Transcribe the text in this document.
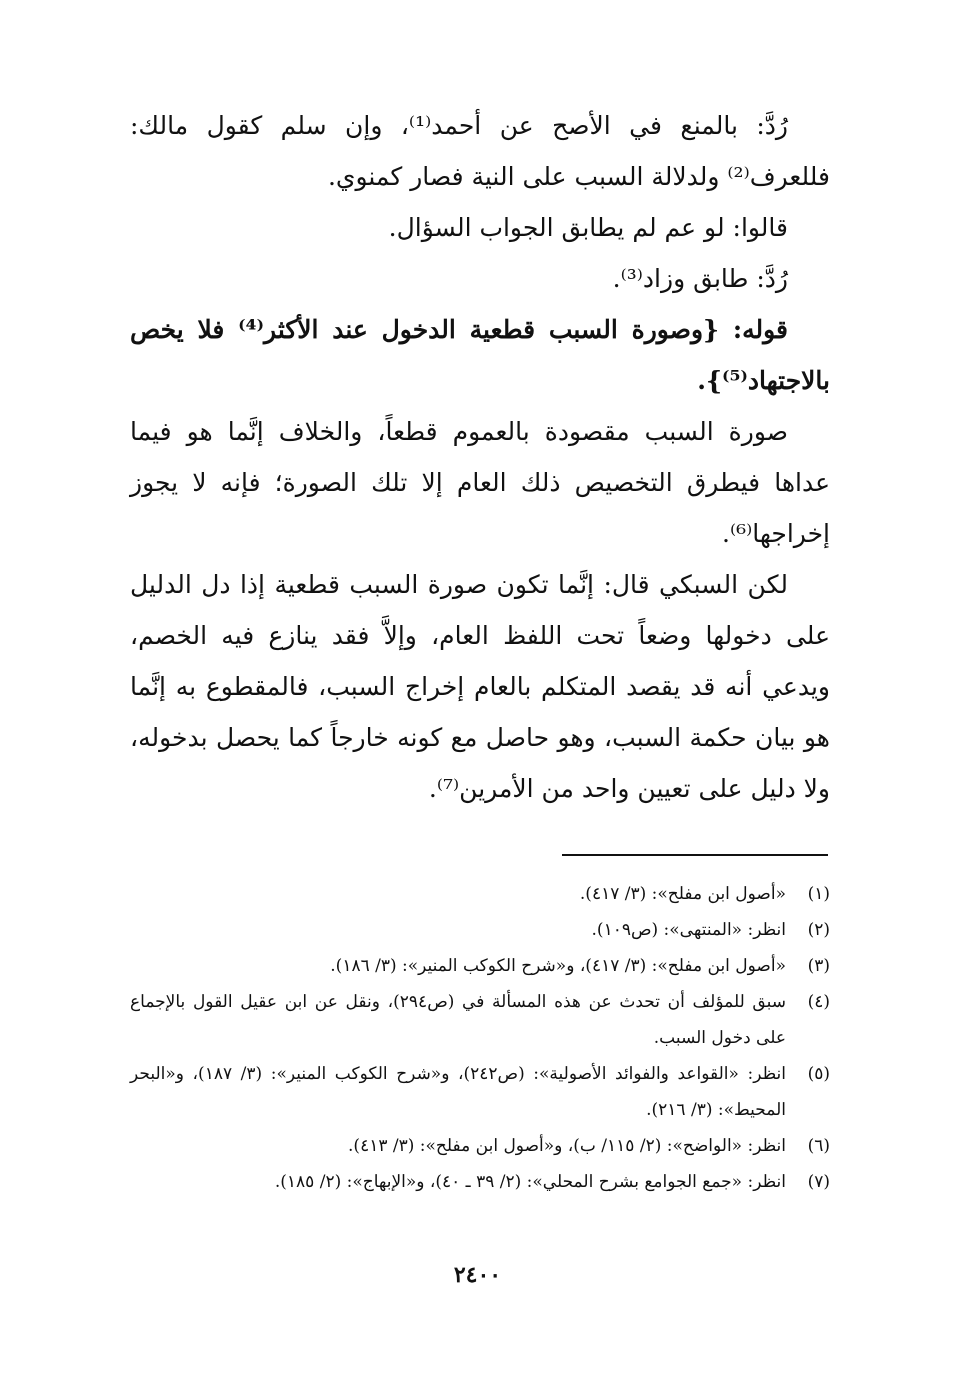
رُدَّ: بالمنع في الأصح عن أحمد⁽¹⁾، وإن سلم كقول مالك: فللعرف⁽²⁾ ولدلالة السبب على النية فصار كمنوي.

قالوا: لو عم لم يطابق الجواب السؤال.

رُدَّ: طابق وزاد⁽³⁾.

قوله: {وصورة السبب قطعية الدخول عند الأكثر⁽⁴⁾ فلا يخص بالاجتهاد⁽⁵⁾}.

صورة السبب مقصودة بالعموم قطعاً، والخلاف إنَّما هو فيما عداها فيطرق التخصيص ذلك العام إلا تلك الصورة؛ فإنه لا يجوز إخراجها⁽⁶⁾.

لكن السبكي قال: إنَّما تكون صورة السبب قطعية إذا دل الدليل على دخولها وضعاً تحت اللفظ العام، وإلاَّ فقد ينازع فيه الخصم، ويدعي أنه قد يقصد المتكلم بالعام إخراج السبب، فالمقطوع به إنَّما هو بيان حكمة السبب، وهو حاصل مع كونه خارجاً كما يحصل بدخوله، ولا دليل على تعيين واحد من الأمرين⁽⁷⁾.

(١)
«أصول ابن مفلح»: (٣/ ٤١٧).
(٢)
انظر: «المنتهى»: (ص١٠٩).
(٣)
«أصول ابن مفلح»: (٣/ ٤١٧)، و«شرح الكوكب المنير»: (٣/ ١٨٦).
(٤)
سبق للمؤلف أن تحدث عن هذه المسألة في (ص٢٩٤)، ونقل عن ابن عقيل القول بالإجماع على دخول السبب.
(٥)
انظر: «القواعد والفوائد الأصولية»: (ص٢٤٢)، و«شرح الكوكب المنير»: (٣/ ١٨٧)، و«البحر المحيط»: (٣/ ٢١٦).
(٦)
انظر: «الواضح»: (٢/ ١١٥/ ب)، و«أصول ابن مفلح»: (٣/ ٤١٣).
(٧)
انظر: «جمع الجوامع بشرح المحلي»: (٢/ ٣٩ ـ ٤٠)، و«الإبهاج»: (٢/ ١٨٥).
٢٤٠٠
